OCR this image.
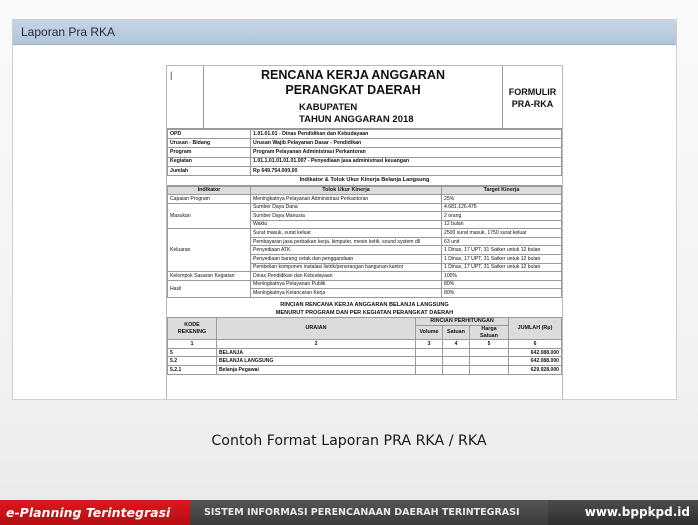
Laporan Pra RKA
|	RENCANA KERJA ANGGARAN
PERANGKAT DAERAH
KABUPATEN
TAHUN ANGGARAN 2018
FORMULIR
PRA-RKA
OPD	1.01.01.01 - Dinas Pendidikan dan Kebudayaan
Urusan - Bidang	Urusan Wajib Pelayanan Dasar - Pendidikan
Program	Program Pelayanan Administrasi Perkantoran
Kegiatan	1.01.1.01.01.01.01.007 - Penyediaan jasa administrasi keuangan
Jumlah	Rp 649.754.000,00
Indikator & Tolok Ukur Kinerja Belanja Langsung
Indikator	Tolok Ukur Kinerja	Target Kinerja
Capaian Program	Meningkatnya Pelayanan Administrasi Perkantoran	25%
Masukan	Sumber Daya Dana	4.681.126.475
	Sumber Daya Manusia	2 orang
	Waktu	12 bulan
Keluaran	Surat masuk, surat keluar	2500 surat masuk, 1750 surat keluar
	Pembayaran jasa perbaikan kerja, kimputer, mesin ketik, sound system dll	63 unit
	Penyediaan ATK	1 Dinas, 17 UPT, 31 Satker untuk 12 bulan
	Penyediaan barang cetak dan penggandaan	1 Dinas, 17 UPT, 31 Satker untuk 12 bulan
	Pembelian komponen instalasi listrik/penerangan bangunan kantor	1 Dinas, 17 UPT, 31 Satker untuk 12 bulan
Kelompok Sasaran Kegiatan	Dinas Pendidikan dan Kebudayaan	100%
Hasil	Meningkatnya Pelayanan Publik	80%
	Meningkatnya Kelancaran Kerja	80%
RINCIAN RENCANA KERJA ANGGARAN BELANJA LANGSUNG
MENURUT PROGRAM DAN PER KEGIATAN PERANGKAT DAERAH
KODE REKENING	URAIAN	RINCIAN PERHITUNGAN			JUMLAH (Rp)
		Volume	Satuan	Harga Satuan	
1	2	3	4	5	6
5	BELANJA				642.088.000
5.2	BELANJA LANGSUNG				642.088.000
5.2.1	Belanja Pegawai				629.928.000
Contoh Format Laporan PRA RKA / RKA
e-Planning Terintegrasi	SISTEM INFORMASI PERENCANAAN DAERAH TERINTEGRASI	www.bppkpd.id
